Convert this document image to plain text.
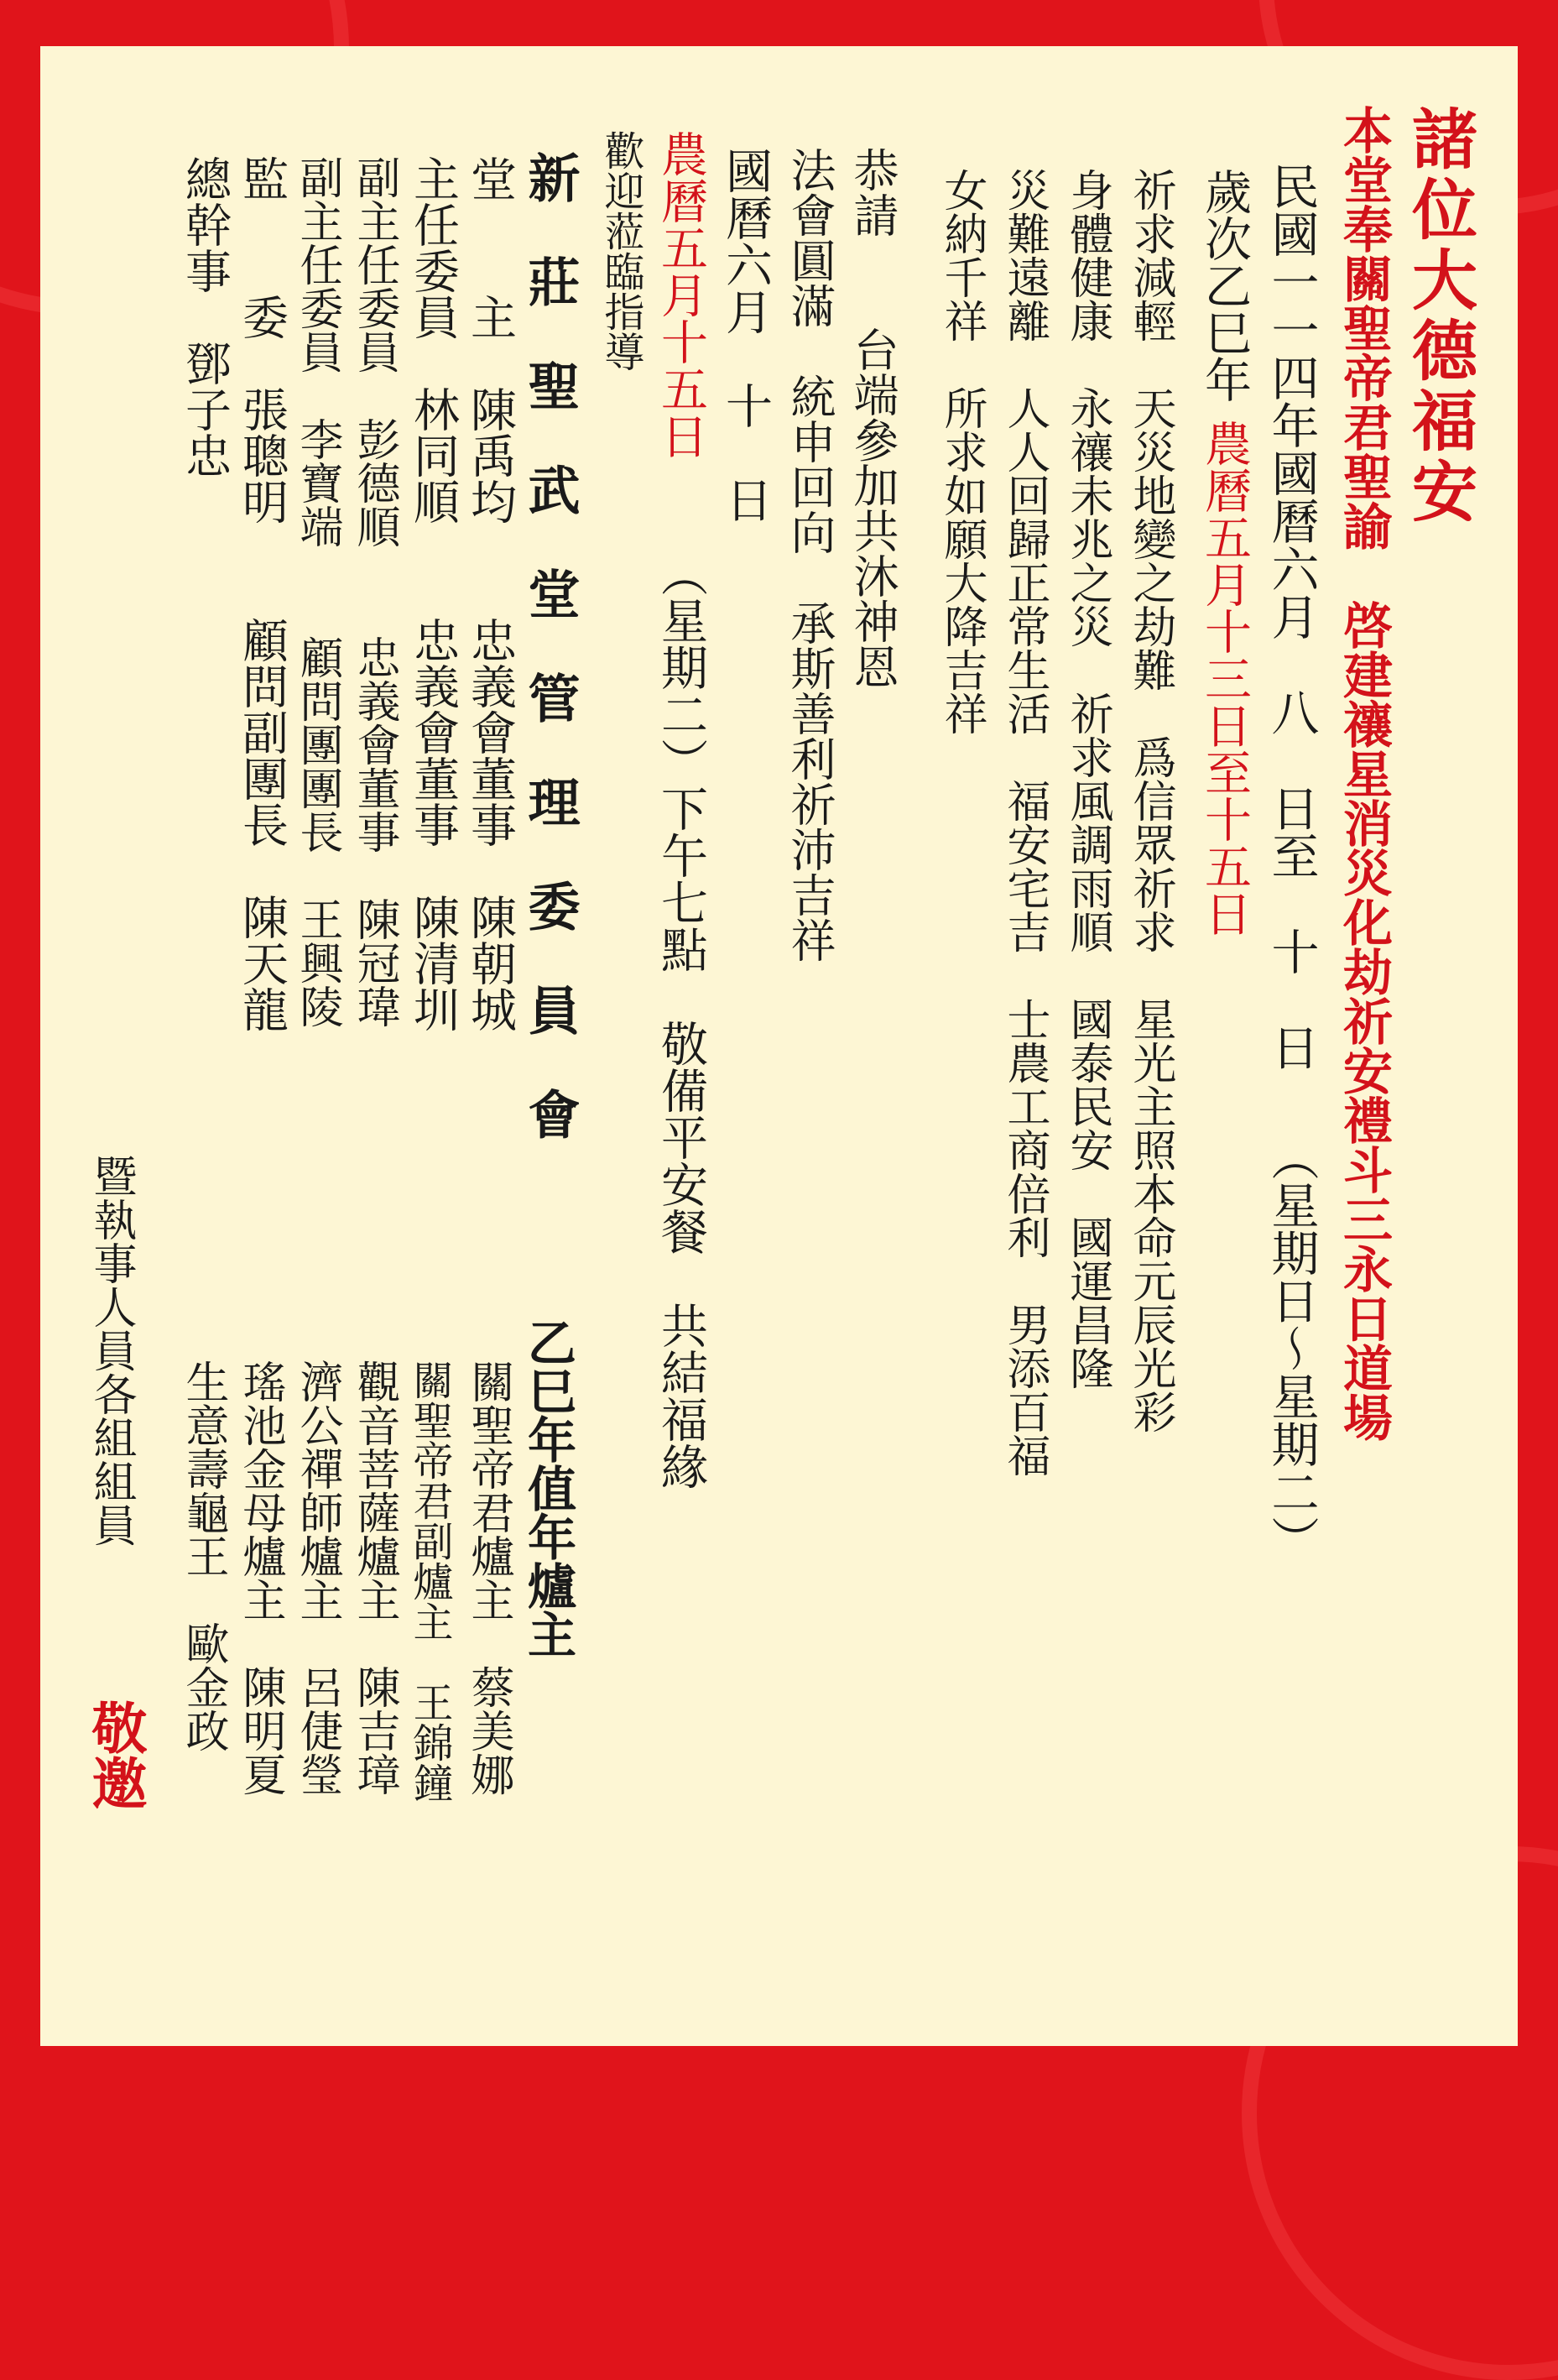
諸位大德福安
本堂奉關聖帝君聖諭　啓建禳星消災化劫祈安禮斗三永日道場
民國一一四年國曆六月　八　日至　十　日
（星期日～星期二）
歲次乙巳年
農曆五月十三日至十五日
祈求減輕　天災地變之劫難　爲信眾祈求　星光主照本命元辰光彩
身體健康　永禳未兆之災　祈求風調雨順　國泰民安　國運昌隆
災難遠離　人人回歸正常生活　福安宅吉　士農工商倍利　男添百福
女納千祥　所求如願大降吉祥
恭請
　台端參加共沐神恩
法會圓滿　統申回向　承斯善利祈沛吉祥
國曆六月　十　日
（星期二）下午七點　敬備平安餐　共結福緣
農曆五月十五日
歡迎蒞臨指導
新　莊　聖　武　堂　管　理　委　員　會
堂　　主　陳禹均　　忠義會董事　陳朝城
主任委員　林同順　　忠義會董事　陳清圳
副主任委員　彭德順　　忠義會董事　陳冠瑋
副主任委員　李寶端　　顧問團團長　王興陵
監　　委　張聰明　　顧問副團長　陳天龍
總幹事　鄧子忠
乙巳年值年爐主
關聖帝君爐主　蔡美娜
關聖帝君副爐主　王錦鐘
觀音菩薩爐主　陳吉璋
濟公禪師爐主　呂倢瑩
瑤池金母爐主　陳明夏
生意壽龜王　歐金政
暨執事人員各組組員
敬邀
